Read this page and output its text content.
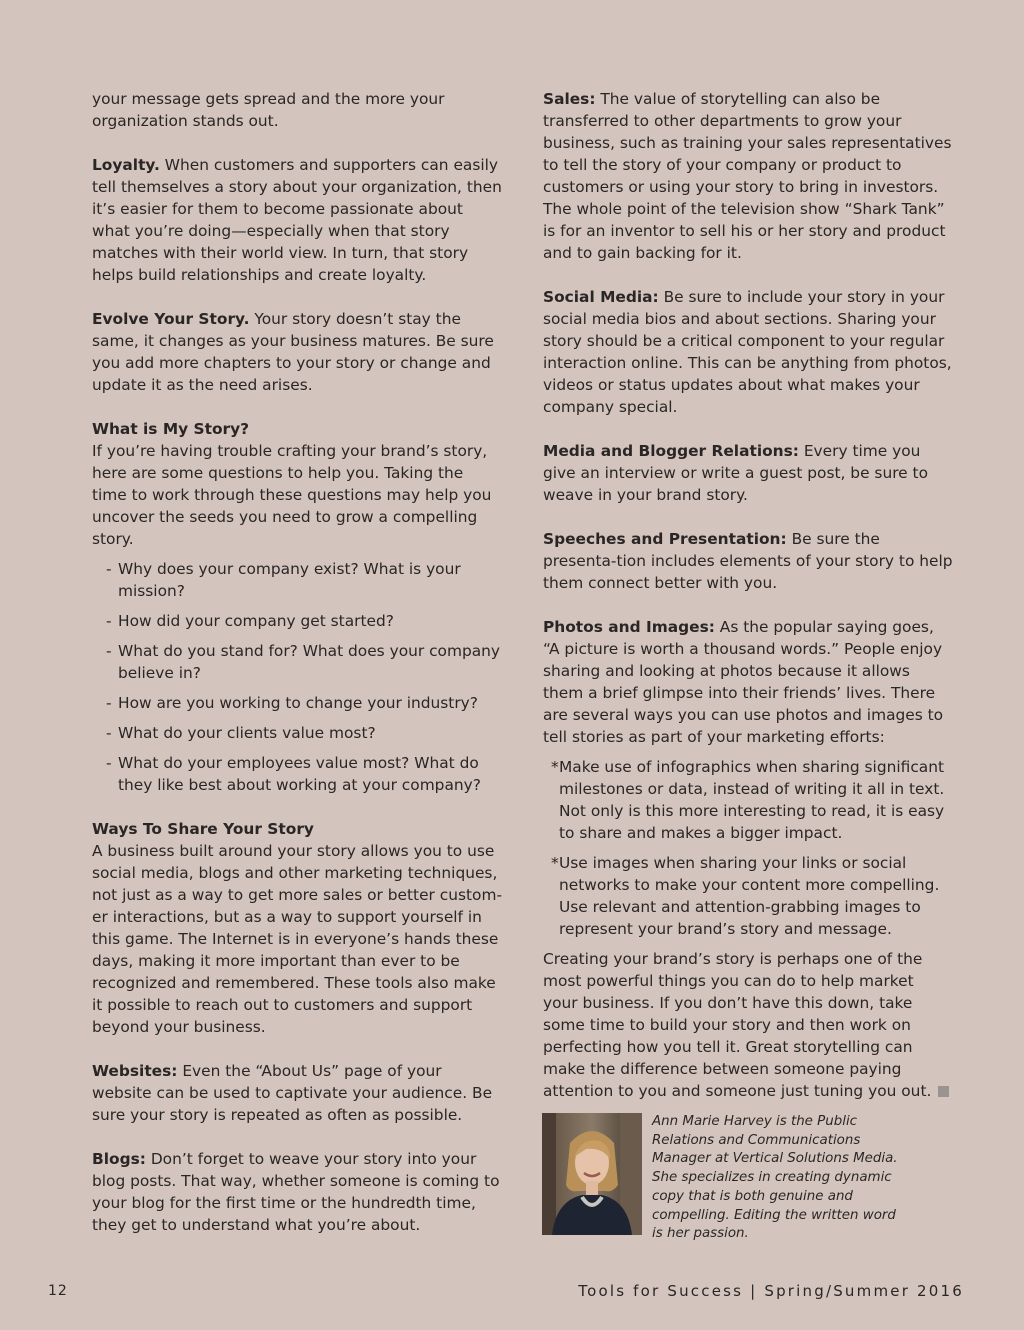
your message gets spread and the more your organization stands out.

Loyalty. When customers and supporters can easily tell themselves a story about your organization, then it’s easier for them to become passionate about what you’re doing—especially when that story matches with their world view. In turn, that story helps build relationships and create loyalty.

Evolve Your Story. Your story doesn’t stay the same, it changes as your business matures. Be sure you add more chapters to your story or change and update it as the need arises.

What is My Story?
If you’re having trouble crafting your brand’s story, here are some questions to help you. Taking the time to work through these questions may help you uncover the seeds you need to grow a compelling story.

- Why does your company exist? What is your mission?
- How did your company get started?
- What do you stand for? What does your company believe in?
- How are you working to change your industry?
- What do your clients value most?
- What do your employees value most? What do they like best about working at your company?

Ways To Share Your Story
A business built around your story allows you to use social media, blogs and other marketing techniques, not just as a way to get more sales or better custom-er interactions, but as a way to support yourself in this game. The Internet is in everyone’s hands these days, making it more important than ever to be recognized and remembered. These tools also make it possible to reach out to customers and support beyond your business.

Websites: Even the “About Us” page of your website can be used to captivate your audience. Be sure your story is repeated as often as possible.

Blogs: Don’t forget to weave your story into your blog posts. That way, whether someone is coming to your blog for the first time or the hundredth time, they get to understand what you’re about.

Sales: The value of storytelling can also be transferred to other departments to grow your business, such as training your sales representatives to tell the story of your company or product to customers or using your story to bring in investors. The whole point of the television show “Shark Tank” is for an inventor to sell his or her story and product and to gain backing for it.

Social Media: Be sure to include your story in your social media bios and about sections. Sharing your story should be a critical component to your regular interaction online. This can be anything from photos, videos or status updates about what makes your company special.

Media and Blogger Relations: Every time you give an interview or write a guest post, be sure to weave in your brand story.

Speeches and Presentation: Be sure the presenta-tion includes elements of your story to help them connect better with you.

Photos and Images: As the popular saying goes, “A picture is worth a thousand words.” People enjoy sharing and looking at photos because it allows them a brief glimpse into their friends’ lives. There are several ways you can use photos and images to tell stories as part of your marketing efforts:

* Make use of infographics when sharing significant milestones or data, instead of writing it all in text. Not only is this more interesting to read, it is easy to share and makes a bigger impact.
* Use images when sharing your links or social networks to make your content more compelling. Use relevant and attention-grabbing images to represent your brand’s story and message.

Creating your brand’s story is perhaps one of the most powerful things you can do to help market your business. If you don’t have this down, take some time to build your story and then work on perfecting how you tell it. Great storytelling can make the difference between someone paying attention to you and someone just tuning you out.

Ann Marie Harvey is the Public Relations and Communications Manager at Vertical Solutions Media. She specializes in creating dynamic copy that is both genuine and compelling. Editing the written word is her passion.
12	Tools for Success | Spring/Summer 2016
